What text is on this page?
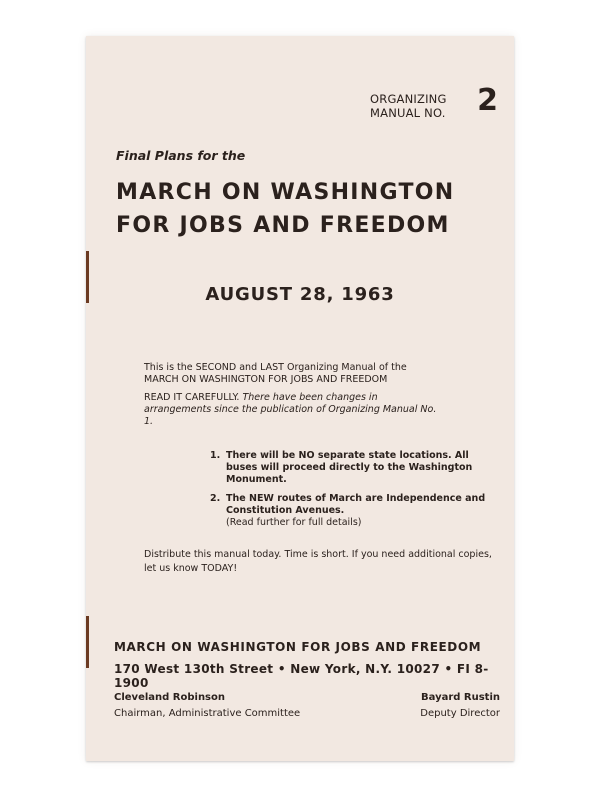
ORGANIZING
MANUAL NO.	2
Final Plans for the
MARCH ON WASHINGTON
FOR JOBS AND FREEDOM
AUGUST 28, 1963

This is the SECOND and LAST Organizing Manual of the MARCH ON WASHINGTON FOR JOBS AND FREEDOM

READ IT CAREFULLY. There have been changes in arrangements since the publication of Organizing Manual No. 1.

1. There will be NO separate state locations. All buses will proceed directly to the Washington Monument.
2. The NEW routes of March are Independence and Constitution Avenues.
(Read further for full details)
Distribute this manual today. Time is short. If you need additional copies, let us know TODAY!
MARCH ON WASHINGTON FOR JOBS AND FREEDOM
170 West 130th Street • New York, N.Y. 10027 • FI 8-1900
Cleveland Robinson
Chairman, Administrative Committee
Bayard Rustin
Deputy Director
